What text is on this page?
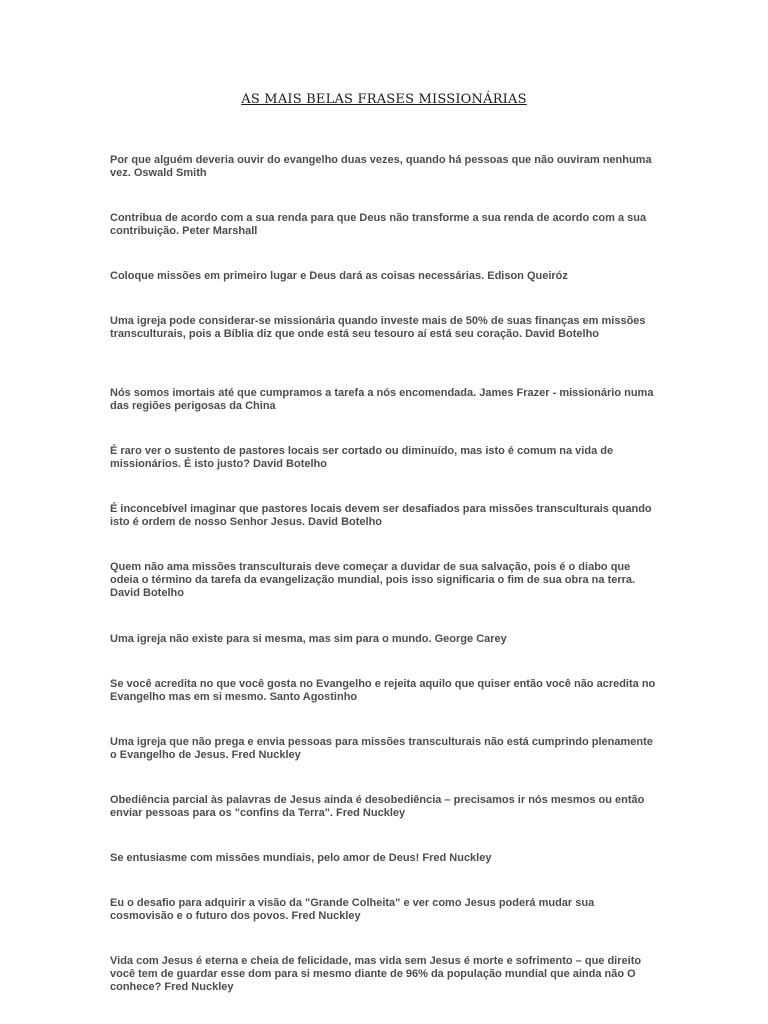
AS MAIS BELAS FRASES MISSIONÁRIAS

Por que alguém deveria ouvir do evangelho duas vezes, quando há pessoas que não ouviram nenhuma vez. Oswald Smith

Contribua de acordo com a sua renda para que Deus não transforme a sua renda de acordo com a sua contribuição. Peter Marshall

Coloque missões em primeiro lugar e Deus dará as coisas necessárias. Edison Queiróz

Uma igreja pode considerar-se missionária quando investe mais de 50% de suas finanças em missões transculturais, pois a Bíblia diz que onde está seu tesouro aí está seu coração. David Botelho

Nós somos imortais até que cumpramos a tarefa a nós encomendada. James Frazer - missionário numa das regiões perigosas da China

É raro ver o sustento de pastores locais ser cortado ou diminuído, mas isto é comum na vida de missionários. É isto justo? David Botelho

É inconcebível imaginar que pastores locais devem ser desafiados para missões transculturais quando isto é ordem de nosso Senhor Jesus. David Botelho

Quem não ama missões transculturais deve começar a duvidar de sua salvação, pois é o diabo que odeia o término da tarefa da evangelização mundial, pois isso significaria o fim de sua obra na terra. David Botelho

Uma igreja não existe para si mesma, mas sim para o mundo. George Carey

Se você acredita no que você gosta no Evangelho e rejeita aquilo que quiser então você não acredita no Evangelho mas em si mesmo. Santo Agostinho

Uma igreja que não prega e envia pessoas para missões transculturais não está cumprindo plenamente o Evangelho de Jesus. Fred Nuckley

Obediência parcial às palavras de Jesus ainda é desobediência – precisamos ir nós mesmos ou então enviar pessoas para os "confins da Terra". Fred Nuckley

Se entusiasme com missões mundiais, pelo amor de Deus! Fred Nuckley

Eu o desafio para adquirir a visão da "Grande Colheita" e ver como Jesus poderá mudar sua cosmovisão e o futuro dos povos. Fred Nuckley

Vida com Jesus é eterna e cheia de felicidade, mas vida sem Jesus é morte e sofrimento – que direito você tem de guardar esse dom para si mesmo diante de 96% da população mundial que ainda não O conhece? Fred Nuckley
